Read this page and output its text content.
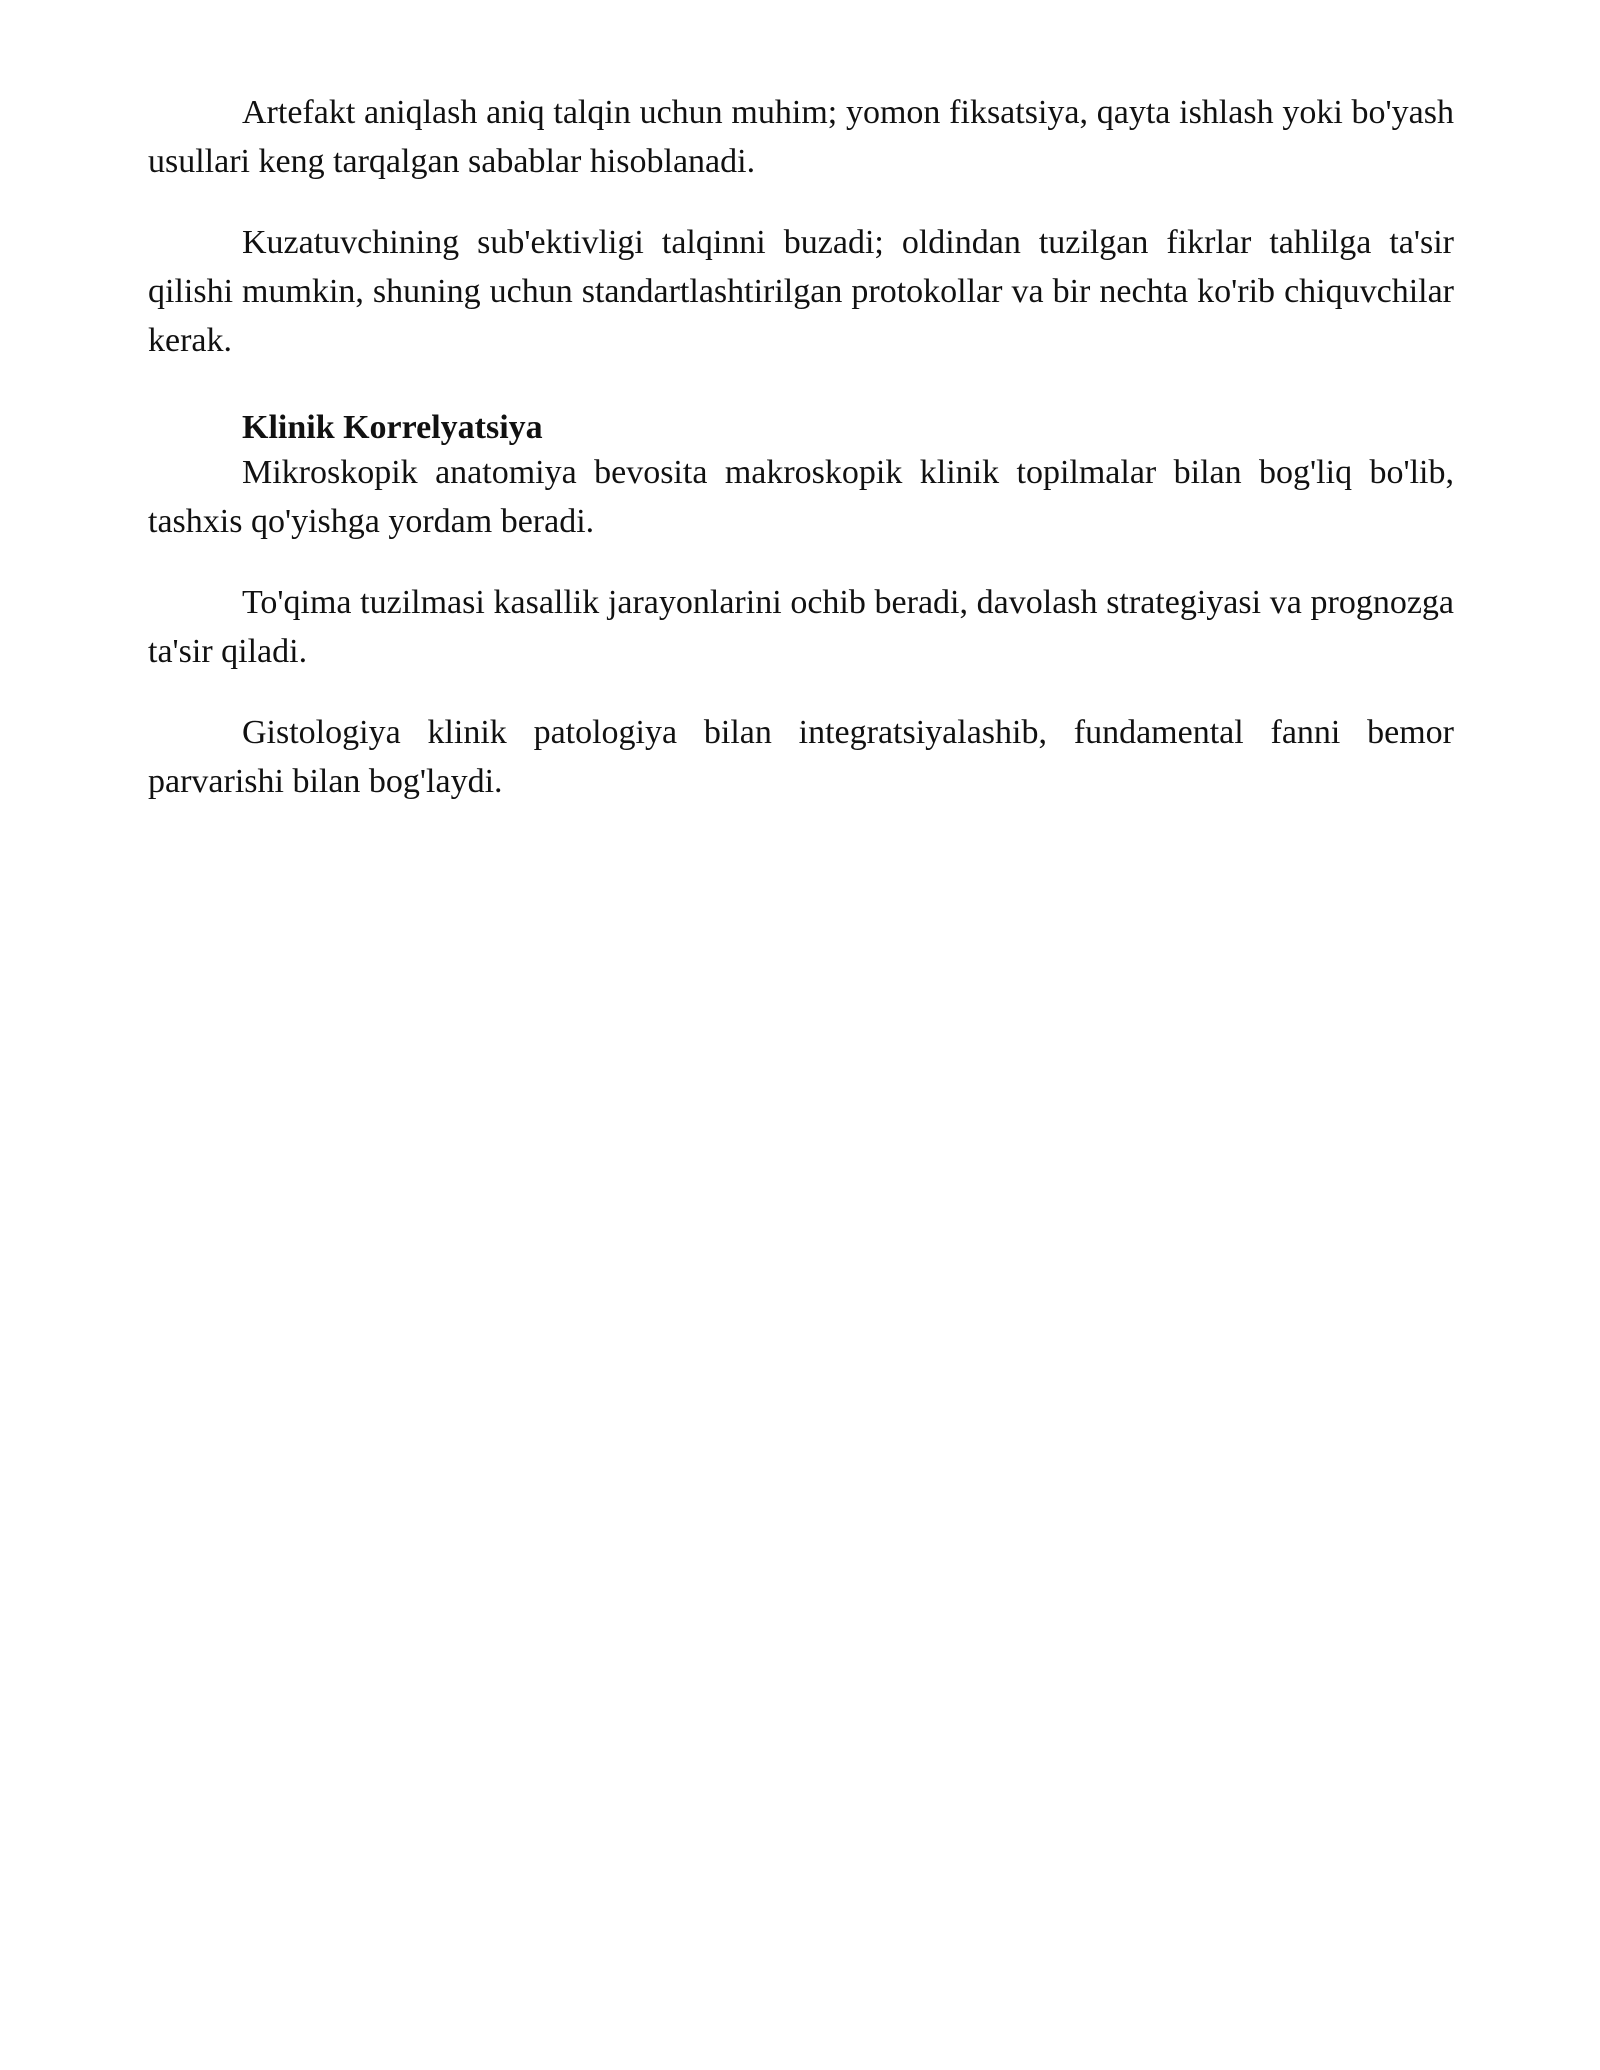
Artefakt aniqlash aniq talqin uchun muhim; yomon fiksatsiya, qayta ishlash yoki bo'yash usullari keng tarqalgan sabablar hisoblanadi.

Kuzatuvchining sub'ektivligi talqinni buzadi; oldindan tuzilgan fikrlar tahlilga ta'sir qilishi mumkin, shuning uchun standartlashtirilgan protokollar va bir nechta ko'rib chiquvchilar kerak.

Klinik Korrelyatsiya

Mikroskopik anatomiya bevosita makroskopik klinik topilmalar bilan bog'liq bo'lib, tashxis qo'yishga yordam beradi.

To'qima tuzilmasi kasallik jarayonlarini ochib beradi, davolash strategiyasi va prognozga ta'sir qiladi.

Gistologiya klinik patologiya bilan integratsiyalashib, fundamental fanni bemor parvarishi bilan bog'laydi.
